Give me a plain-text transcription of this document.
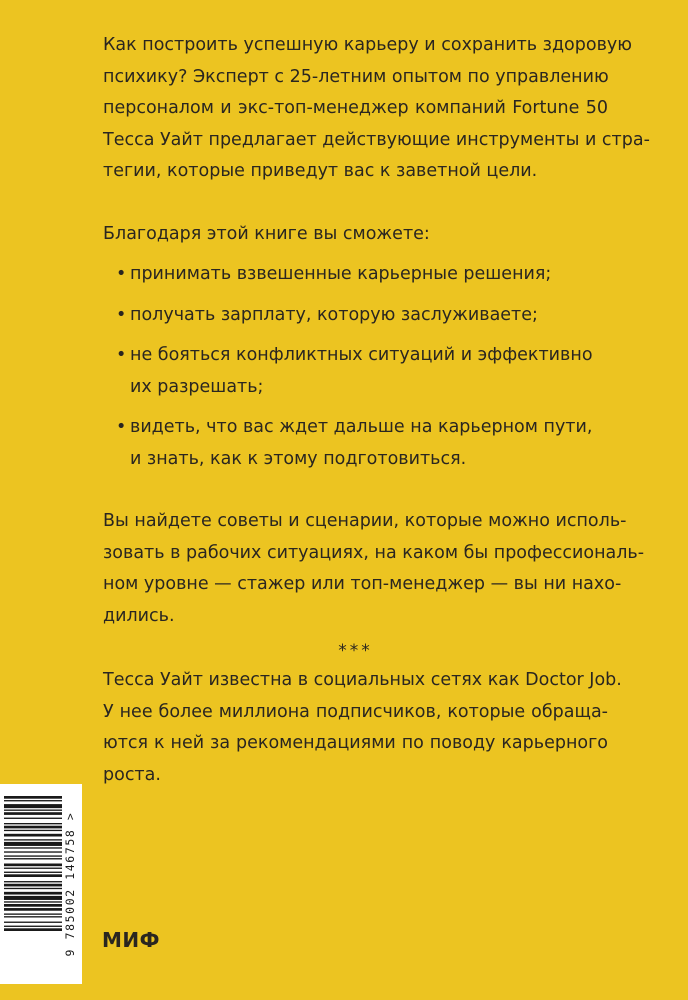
Как построить успешную карьеру и сохранить здоровую
психику? Эксперт с 25-летним опытом по управлению
персоналом и экс-топ-менеджер компаний Fortune 50
Тесса Уайт предлагает действующие инструменты и стра-
тегии, которые приведут вас к заветной цели.

Благодаря этой книге вы сможете:

• принимать взвешенные карьерные решения;
• получать зарплату, которую заслуживаете;
• не бояться конфликтных ситуаций и эффективно
их разрешать;
• видеть, что вас ждет дальше на карьерном пути,
и знать, как к этому подготовиться.

Вы найдете советы и сценарии, которые можно исполь-
зовать в рабочих ситуациях, на каком бы профессиональ-
ном уровне — стажер или топ-менеджер — вы ни нахо-
дились.

***

Тесса Уайт известна в социальных сетях как Doctor Job.
У нее более миллиона подписчиков, которые обраща-
ются к ней за рекомендациями по поводу карьерного
роста.

9 785002 146758 > МИФ
